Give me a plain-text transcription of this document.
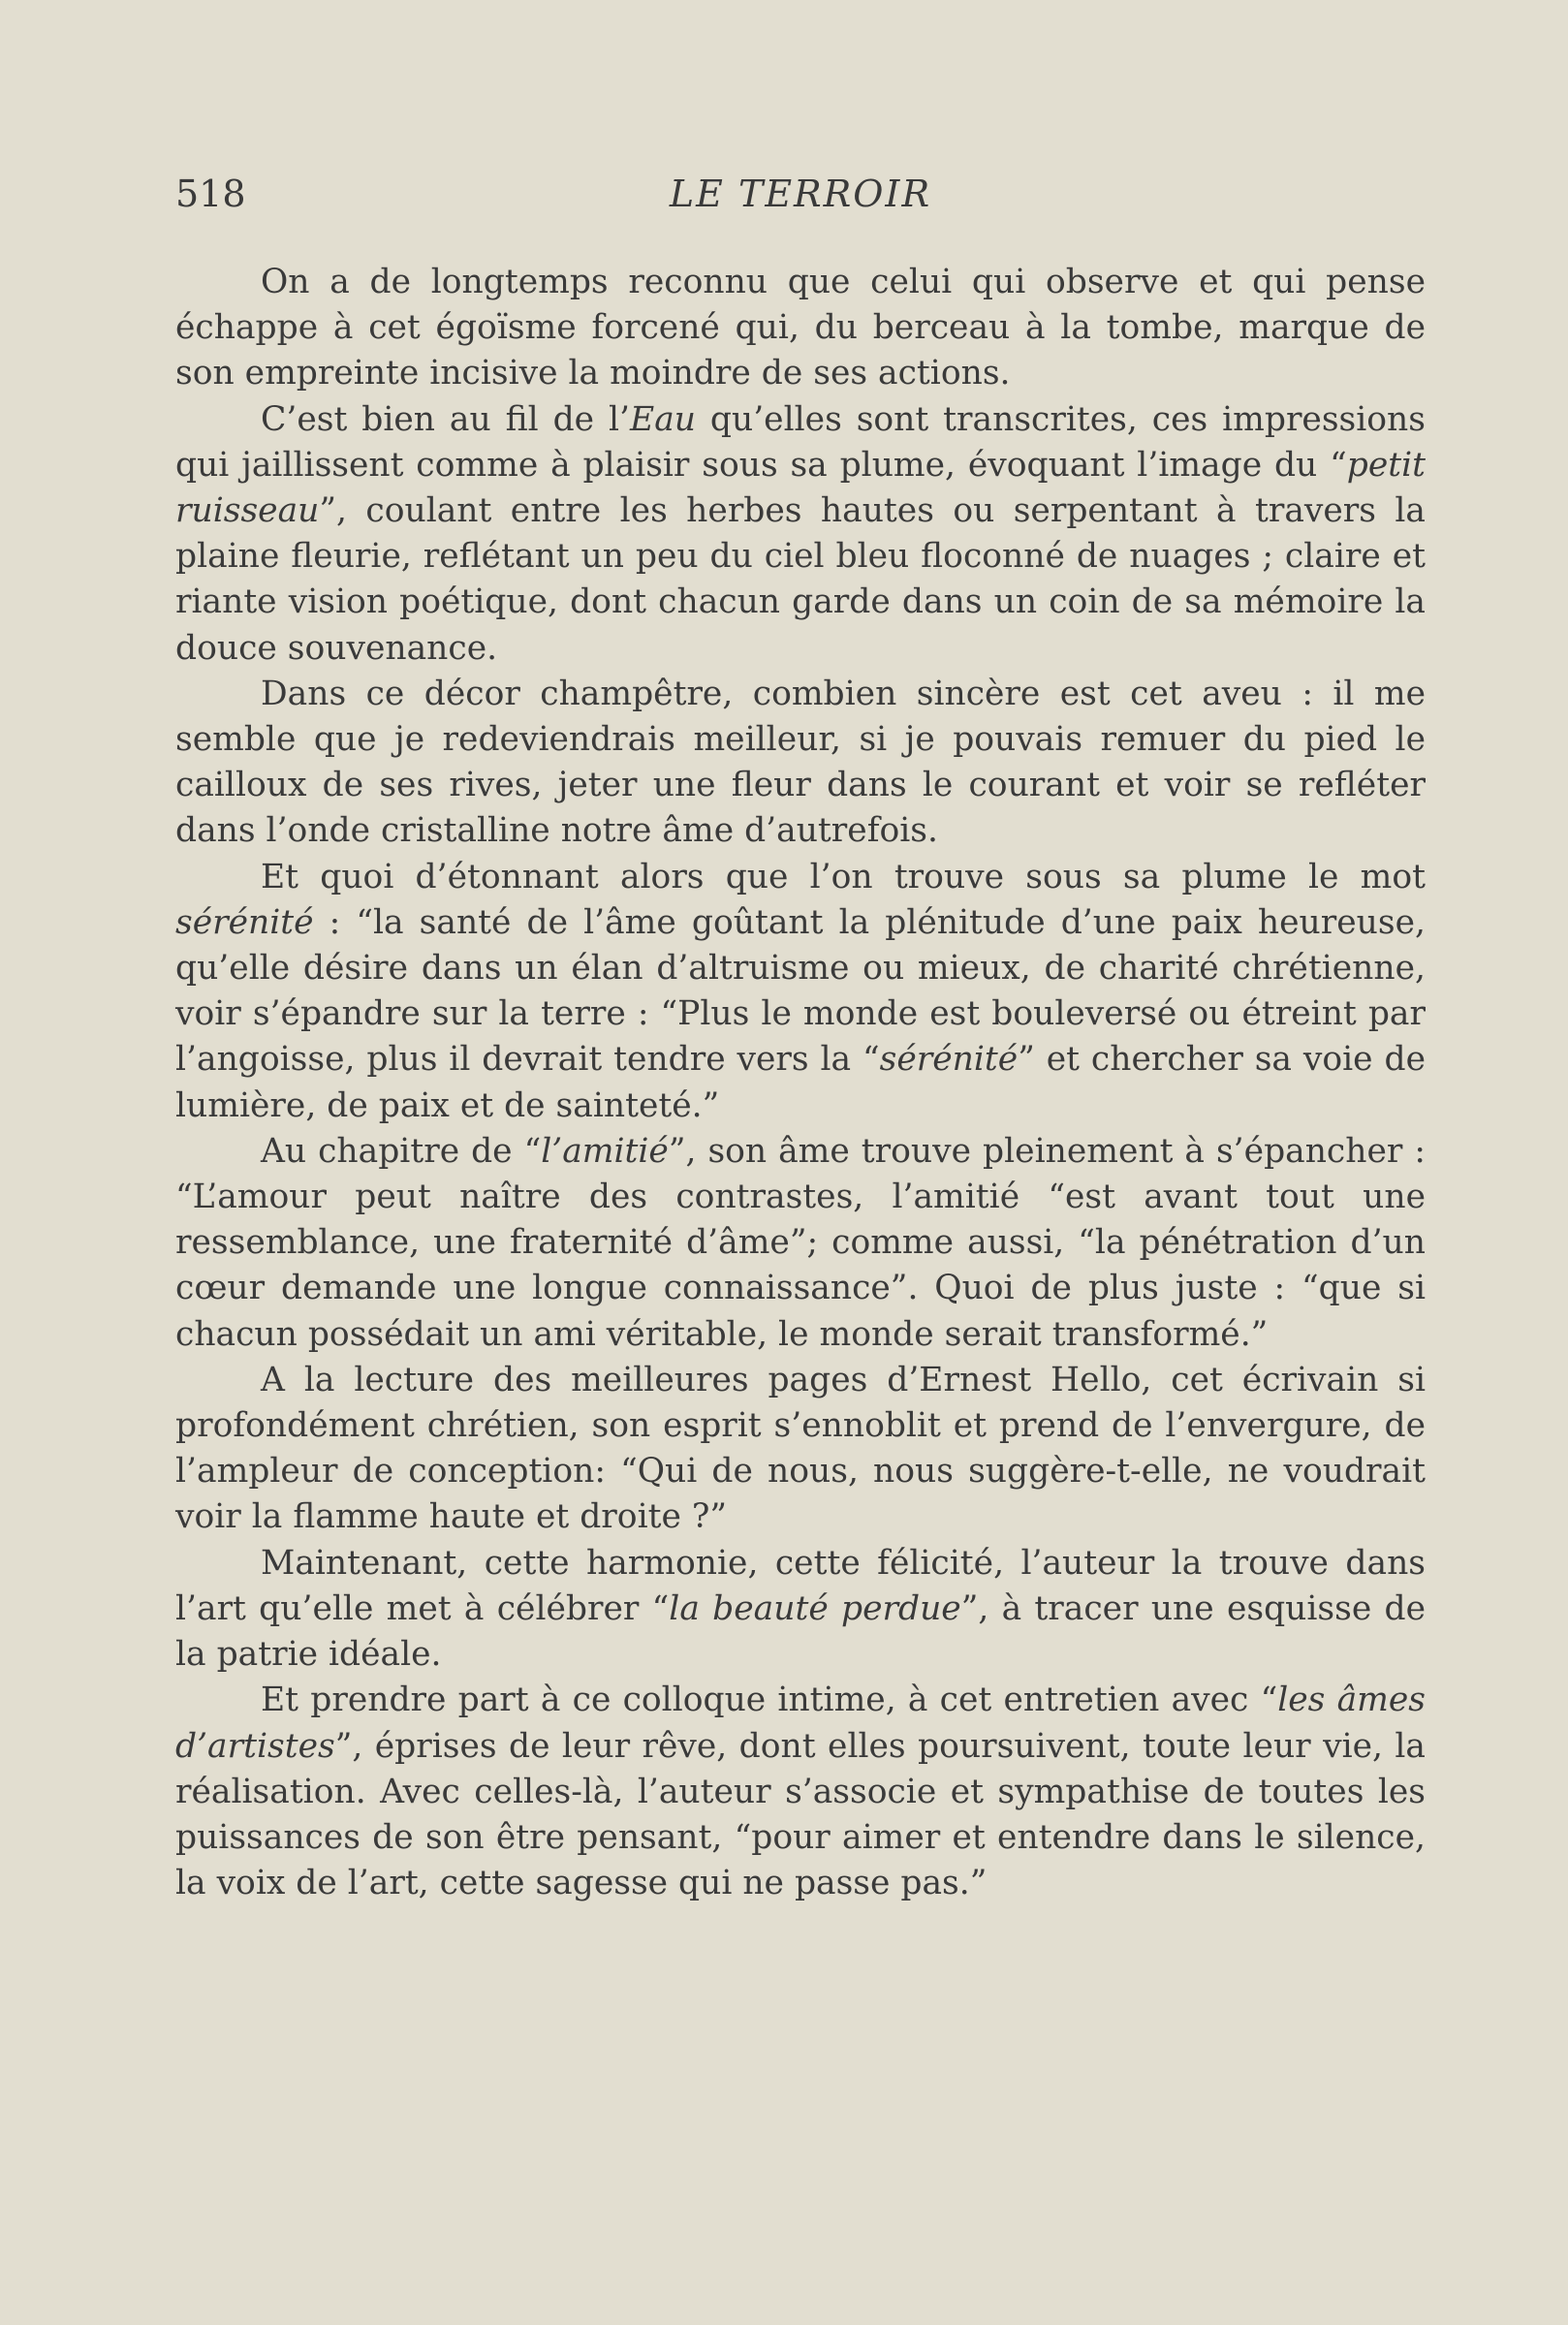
518	LE TERROIR

On a de longtemps reconnu que celui qui observe et qui pense échappe à cet égoïsme forcené qui, du berceau à la tombe, marque de son empreinte incisive la moindre de ses actions.

C’est bien au fil de l’Eau qu’elles sont transcrites, ces impressions qui jaillissent comme à plaisir sous sa plume, évoquant l’image du “petit ruisseau”, coulant entre les herbes hautes ou serpentant à travers la plaine fleurie, reflétant un peu du ciel bleu floconné de nuages ; claire et riante vision poétique, dont chacun garde dans un coin de sa mémoire la douce souvenance.

Dans ce décor champêtre, combien sincère est cet aveu : il me semble que je redeviendrais meilleur, si je pouvais remuer du pied le cailloux de ses rives, jeter une fleur dans le courant et voir se refléter dans l’onde cristalline notre âme d’autrefois.

Et quoi d’étonnant alors que l’on trouve sous sa plume le mot sérénité : “la santé de l’âme goûtant la plénitude d’une paix heureuse, qu’elle désire dans un élan d’altruisme ou mieux, de charité chrétienne, voir s’épandre sur la terre : “Plus le monde est bouleversé ou étreint par l’angoisse, plus il devrait tendre vers la “sérénité” et chercher sa voie de lumière, de paix et de sainteté.”

Au chapitre de “l’amitié”, son âme trouve pleinement à s’épancher : “L’amour peut naître des contrastes, l’amitié “est avant tout une ressemblance, une fraternité d’âme”; comme aussi, “la pénétration d’un cœur demande une longue connaissance”. Quoi de plus juste : “que si chacun possédait un ami véritable, le monde serait transformé.”

A la lecture des meilleures pages d’Ernest Hello, cet écrivain si profondément chrétien, son esprit s’ennoblit et prend de l’envergure, de l’ampleur de conception: “Qui de nous, nous suggère-t-elle, ne voudrait voir la flamme haute et droite ?”

Maintenant, cette harmonie, cette félicité, l’auteur la trouve dans l’art qu’elle met à célébrer “la beauté perdue”, à tracer une esquisse de la patrie idéale.

Et prendre part à ce colloque intime, à cet entretien avec “les âmes d’artistes”, éprises de leur rêve, dont elles poursuivent, toute leur vie, la réalisation. Avec celles-là, l’auteur s’associe et sympathise de toutes les puissances de son être pensant, “pour aimer et entendre dans le silence, la voix de l’art, cette sagesse qui ne passe pas.”
